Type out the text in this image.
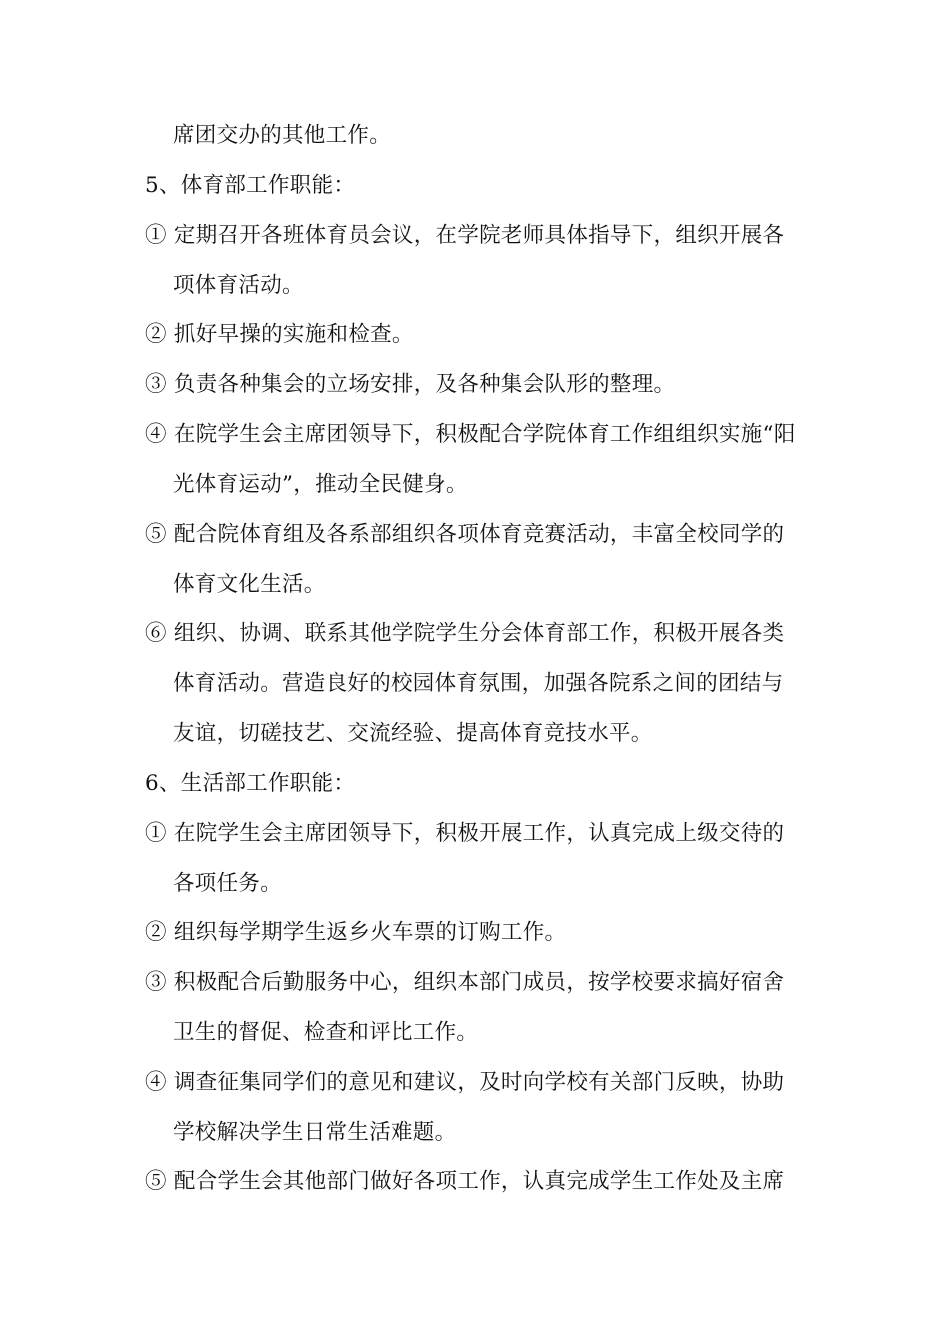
席团交办的其他工作。
5、体育部工作职能：
① 定期召开各班体育员会议，在学院老师具体指导下，组织开展各
项体育活动。
② 抓好早操的实施和检查。
③ 负责各种集会的立场安排，及各种集会队形的整理。
④ 在院学生会主席团领导下，积极配合学院体育工作组组织实施“阳
光体育运动”，推动全民健身。
⑤ 配合院体育组及各系部组织各项体育竞赛活动，丰富全校同学的
体育文化生活。
⑥ 组织、协调、联系其他学院学生分会体育部工作，积极开展各类
体育活动。营造良好的校园体育氛围，加强各院系之间的团结与
友谊，切磋技艺、交流经验、提高体育竞技水平。
6、生活部工作职能：
① 在院学生会主席团领导下，积极开展工作，认真完成上级交待的
各项任务。
② 组织每学期学生返乡火车票的订购工作。
③ 积极配合后勤服务中心，组织本部门成员，按学校要求搞好宿舍
卫生的督促、检查和评比工作。
④ 调查征集同学们的意见和建议，及时向学校有关部门反映，协助
学校解决学生日常生活难题。
⑤ 配合学生会其他部门做好各项工作，认真完成学生工作处及主席
